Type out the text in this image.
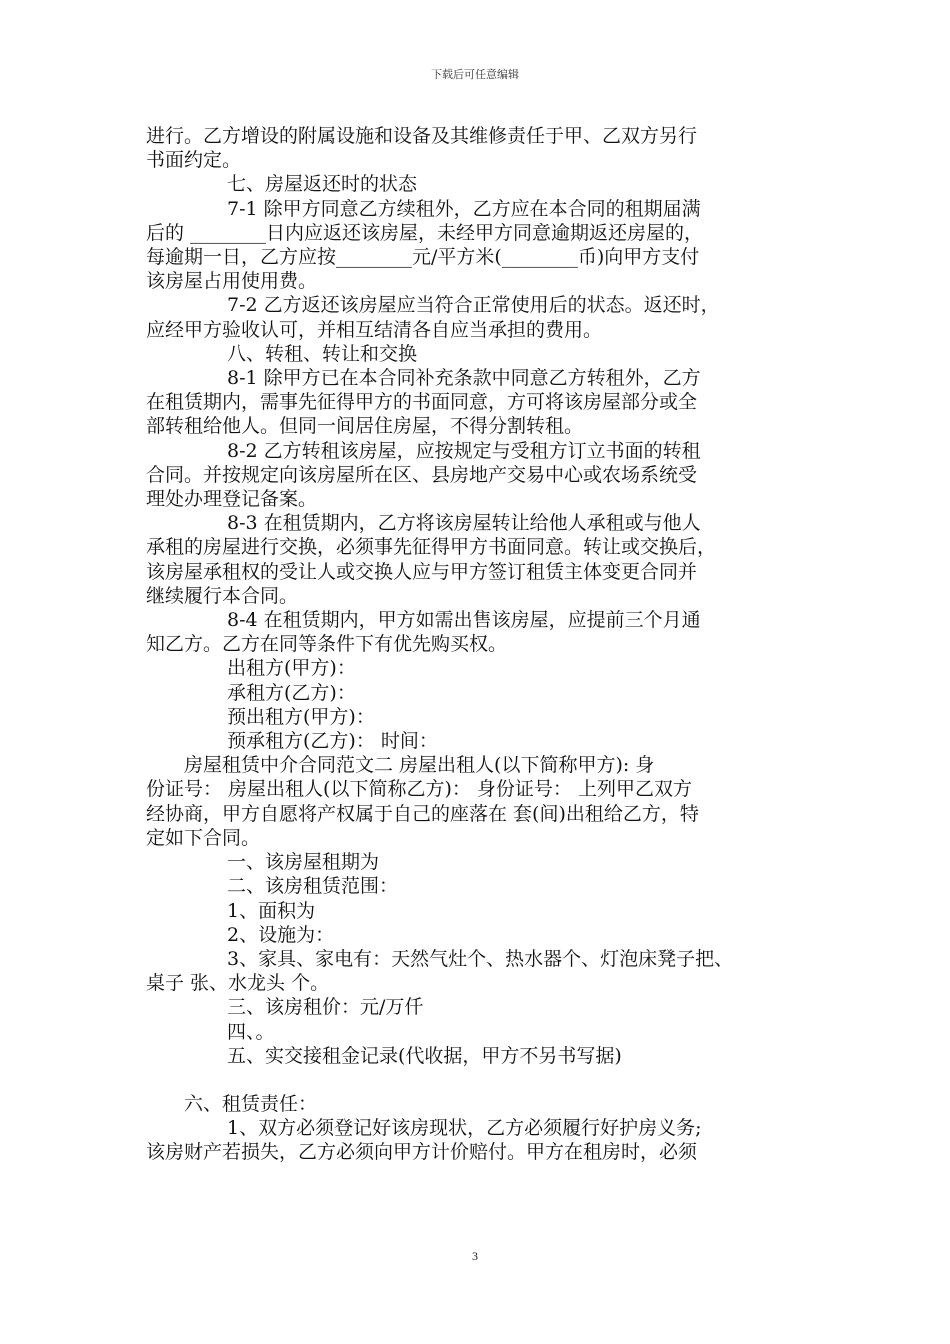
下载后可任意编辑

进行。乙方增设的附属设施和设备及其维修责任于甲、乙双方另行

书面约定。

七、房屋返还时的状态

7-1 除甲方同意乙方续租外，乙方应在本合同的租期届满

后的 ________日内应返还该房屋，未经甲方同意逾期返还房屋的，

每逾期一日，乙方应按________元/平方米(________币)向甲方支付

该房屋占用使用费。

7-2 乙方返还该房屋应当符合正常使用后的状态。返还时，

应经甲方验收认可，并相互结清各自应当承担的费用。

八、转租、转让和交换

8-1 除甲方已在本合同补充条款中同意乙方转租外，乙方

在租赁期内，需事先征得甲方的书面同意，方可将该房屋部分或全

部转租给他人。但同一间居住房屋，不得分割转租。

8-2 乙方转租该房屋，应按规定与受租方订立书面的转租

合同。并按规定向该房屋所在区、县房地产交易中心或农场系统受

理处办理登记备案。

8-3 在租赁期内，乙方将该房屋转让给他人承租或与他人

承租的房屋进行交换，必须事先征得甲方书面同意。转让或交换后，

该房屋承租权的受让人或交换人应与甲方签订租赁主体变更合同并

继续履行本合同。

8-4 在租赁期内，甲方如需出售该房屋，应提前三个月通

知乙方。乙方在同等条件下有优先购买权。

出租方(甲方)：

承租方(乙方)：

预出租方(甲方)：

预承租方(乙方)： 时间：

房屋租赁中介合同范文二 房屋出租人(以下简称甲方): 身

份证号： 房屋出租人(以下简称乙方)： 身份证号： 上列甲乙双方

经协商，甲方自愿将产权属于自己的座落在 套(间)出租给乙方，特

定如下合同。

一、该房屋租期为

二、该房租赁范围：

1、面积为

2、设施为：

3、家具、家电有：天然气灶个、热水器个、灯泡床凳子把、

桌子 张、水龙头 个。

三、该房租价：元/万仟

四、。

五、实交接租金记录(代收据，甲方不另书写据)

六、租赁责任：

1、双方必须登记好该房现状，乙方必须履行好护房义务;

该房财产若损失，乙方必须向甲方计价赔付。甲方在租房时，必须

3
